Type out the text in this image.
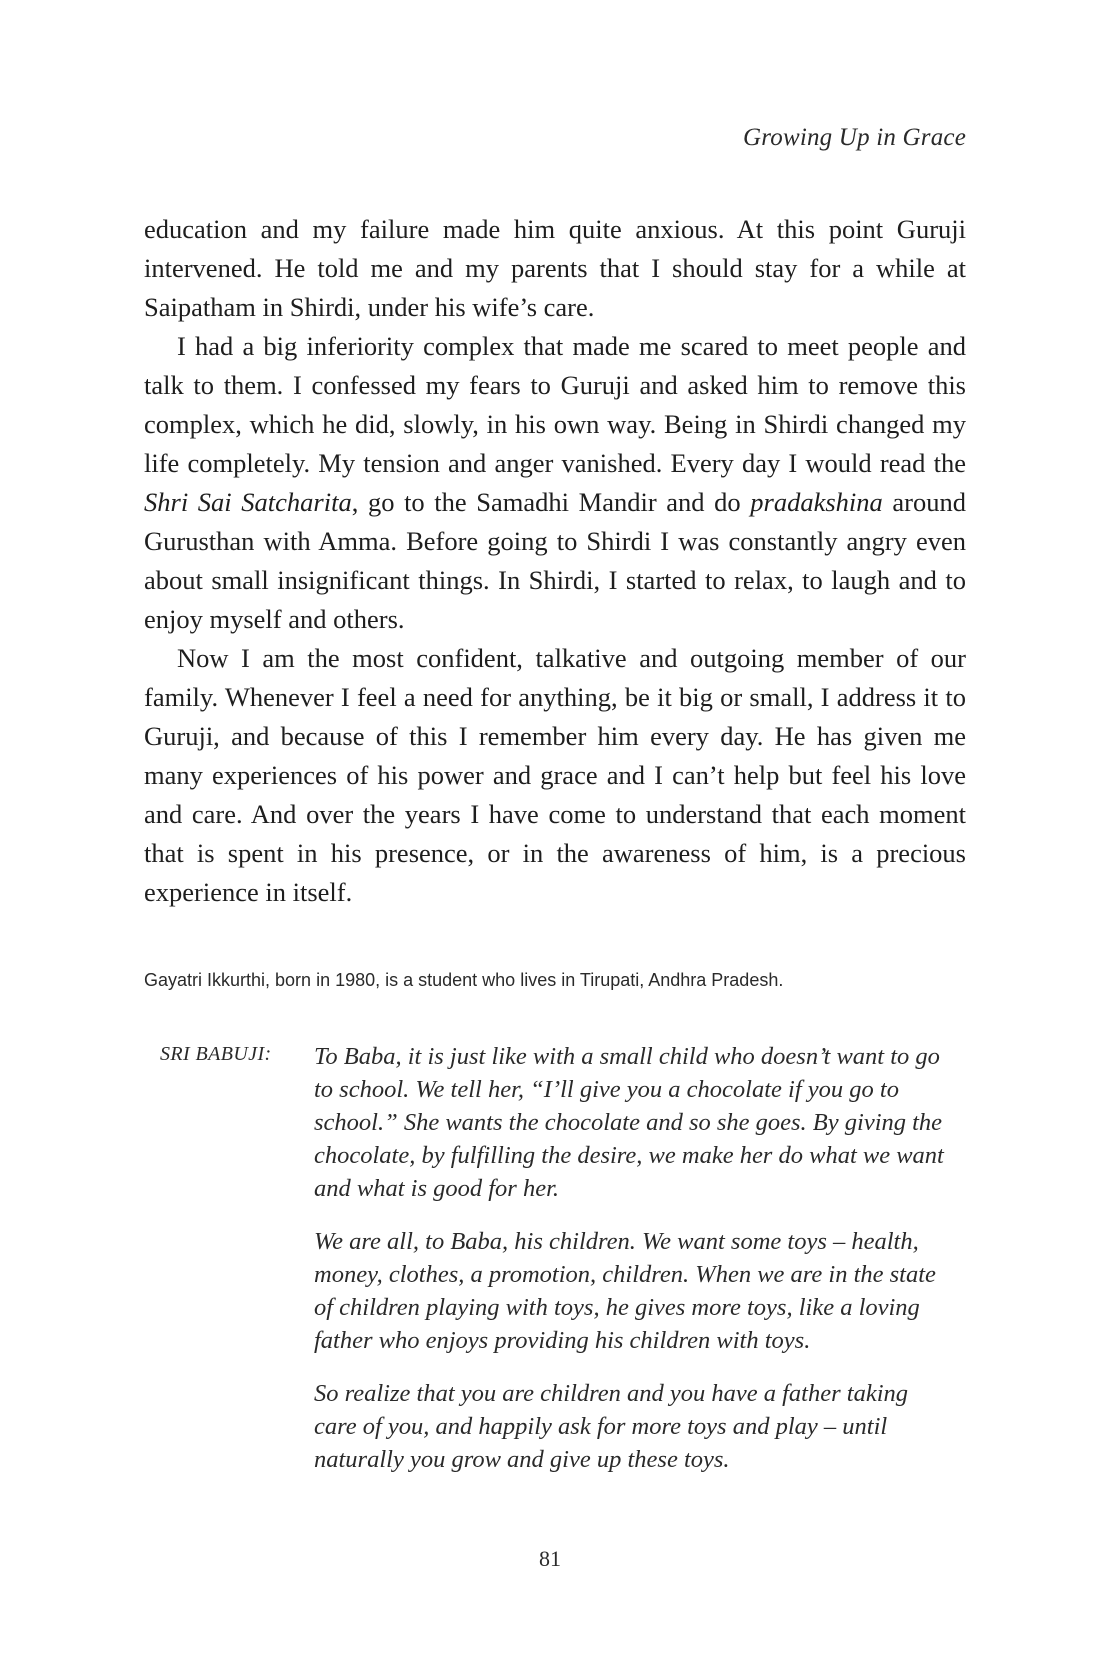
Growing Up in Grace

education and my failure made him quite anxious. At this point Guruji intervened. He told me and my parents that I should stay for a while at Saipatham in Shirdi, under his wife’s care.

I had a big inferiority complex that made me scared to meet people and talk to them. I confessed my fears to Guruji and asked him to remove this complex, which he did, slowly, in his own way. Being in Shirdi changed my life completely. My tension and anger vanished. Every day I would read the Shri Sai Satcharita, go to the Samadhi Mandir and do pradakshina around Gurusthan with Amma. Before going to Shirdi I was constantly angry even about small insignificant things. In Shirdi, I started to relax, to laugh and to enjoy myself and others.

Now I am the most confident, talkative and outgoing member of our family. Whenever I feel a need for anything, be it big or small, I address it to Guruji, and because of this I remember him every day. He has given me many experiences of his power and grace and I can’t help but feel his love and care. And over the years I have come to understand that each moment that is spent in his presence, or in the awareness of him, is a precious experience in itself.

Gayatri Ikkurthi, born in 1980, is a student who lives in Tirupati, Andhra Pradesh.
SRI BABUJI: To Baba, it is just like with a small child who doesn’t want to go to school. We tell her, “I’ll give you a chocolate if you go to school.” She wants the chocolate and so she goes. By giving the chocolate, by fulfilling the desire, we make her do what we want and what is good for her.

We are all, to Baba, his children. We want some toys – health, money, clothes, a promotion, children. When we are in the state of children playing with toys, he gives more toys, like a loving father who enjoys providing his children with toys.

So realize that you are children and you have a father taking care of you, and happily ask for more toys and play – until naturally you grow and give up these toys.

81
